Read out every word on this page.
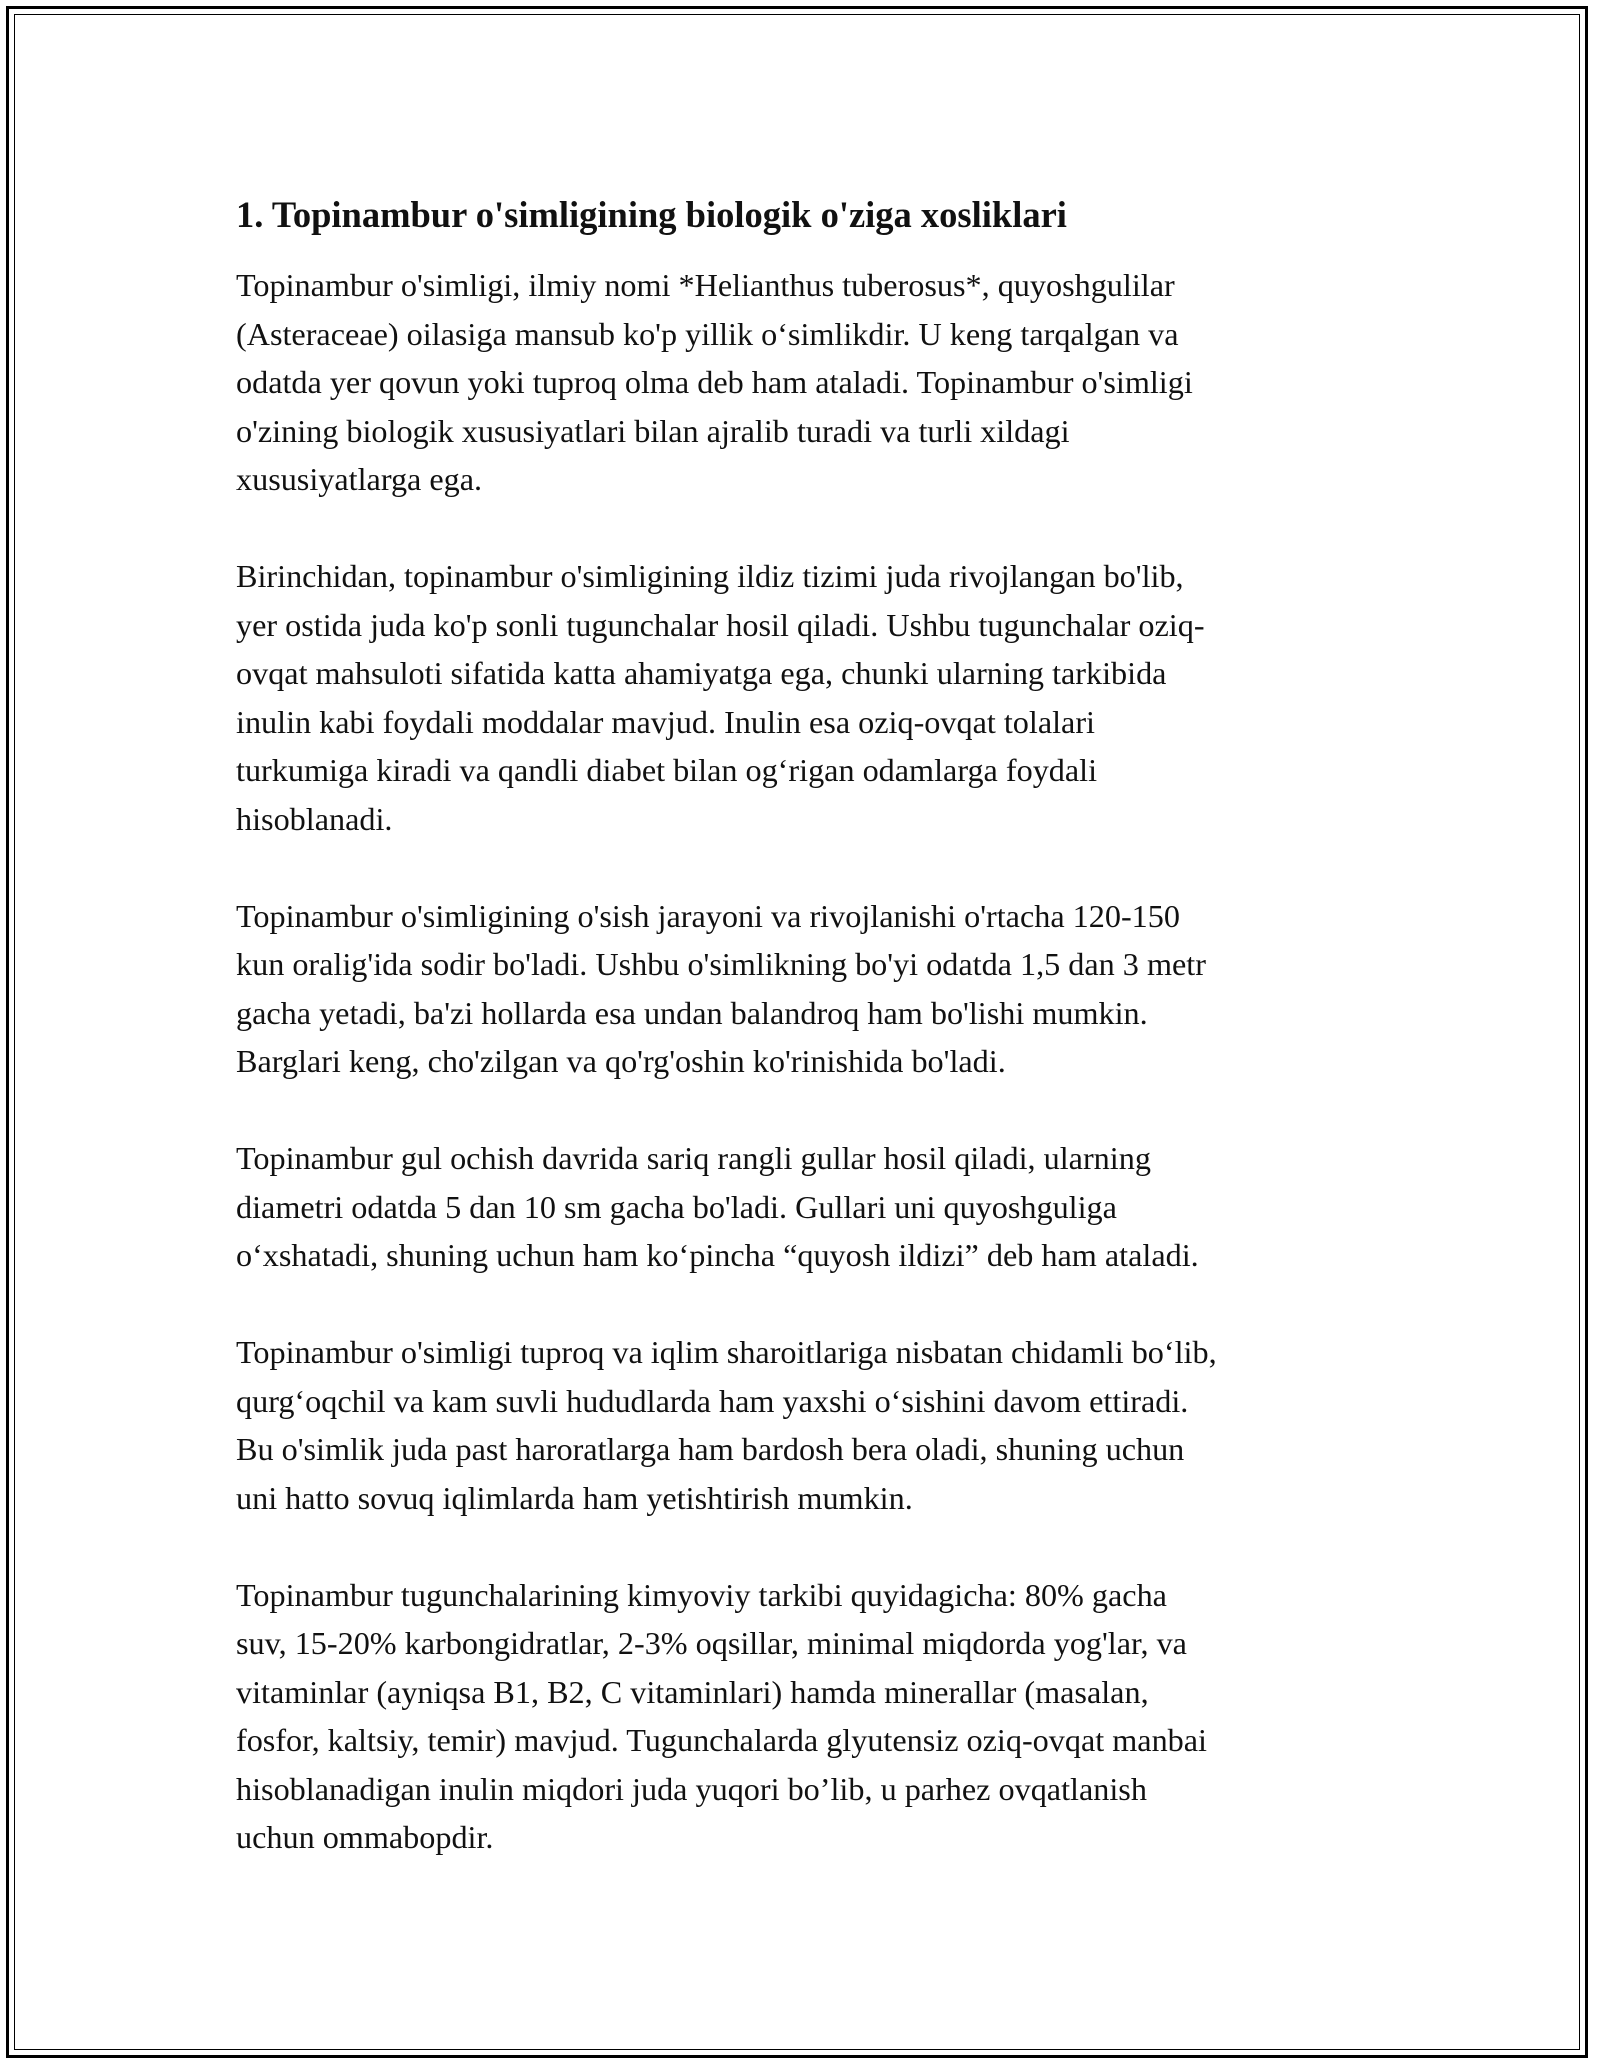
1. Topinambur o'simligining biologik o'ziga xosliklari

Topinambur o'simligi, ilmiy nomi *Helianthus tuberosus*, quyoshgulilar
(Asteraceae) oilasiga mansub ko'p yillik o‘simlikdir. U keng tarqalgan va
odatda yer qovun yoki tuproq olma deb ham ataladi. Topinambur o'simligi
o'zining biologik xususiyatlari bilan ajralib turadi va turli xildagi
xususiyatlarga ega.

Birinchidan, topinambur o'simligining ildiz tizimi juda rivojlangan bo'lib,
yer ostida juda ko'p sonli tugunchalar hosil qiladi. Ushbu tugunchalar oziq-
ovqat mahsuloti sifatida katta ahamiyatga ega, chunki ularning tarkibida
inulin kabi foydali moddalar mavjud. Inulin esa oziq-ovqat tolalari
turkumiga kiradi va qandli diabet bilan og‘rigan odamlarga foydali
hisoblanadi.

Topinambur o'simligining o'sish jarayoni va rivojlanishi o'rtacha 120-150
kun oralig'ida sodir bo'ladi. Ushbu o'simlikning bo'yi odatda 1,5 dan 3 metr
gacha yetadi, ba'zi hollarda esa undan balandroq ham bo'lishi mumkin.
Barglari keng, cho'zilgan va qo'rg'oshin ko'rinishida bo'ladi.

Topinambur gul ochish davrida sariq rangli gullar hosil qiladi, ularning
diametri odatda 5 dan 10 sm gacha bo'ladi. Gullari uni quyoshguliga
o‘xshatadi, shuning uchun ham ko‘pincha “quyosh ildizi” deb ham ataladi.

Topinambur o'simligi tuproq va iqlim sharoitlariga nisbatan chidamli bo‘lib,
qurg‘oqchil va kam suvli hududlarda ham yaxshi o‘sishini davom ettiradi.
Bu o'simlik juda past haroratlarga ham bardosh bera oladi, shuning uchun
uni hatto sovuq iqlimlarda ham yetishtirish mumkin.

Topinambur tugunchalarining kimyoviy tarkibi quyidagicha: 80% gacha
suv, 15-20% karbongidratlar, 2-3% oqsillar, minimal miqdorda yog'lar, va
vitaminlar (ayniqsa B1, B2, C vitaminlari) hamda minerallar (masalan,
fosfor, kaltsiy, temir) mavjud. Tugunchalarda glyutensiz oziq-ovqat manbai
hisoblanadigan inulin miqdori juda yuqori bo’lib, u parhez ovqatlanish
uchun ommabopdir.
